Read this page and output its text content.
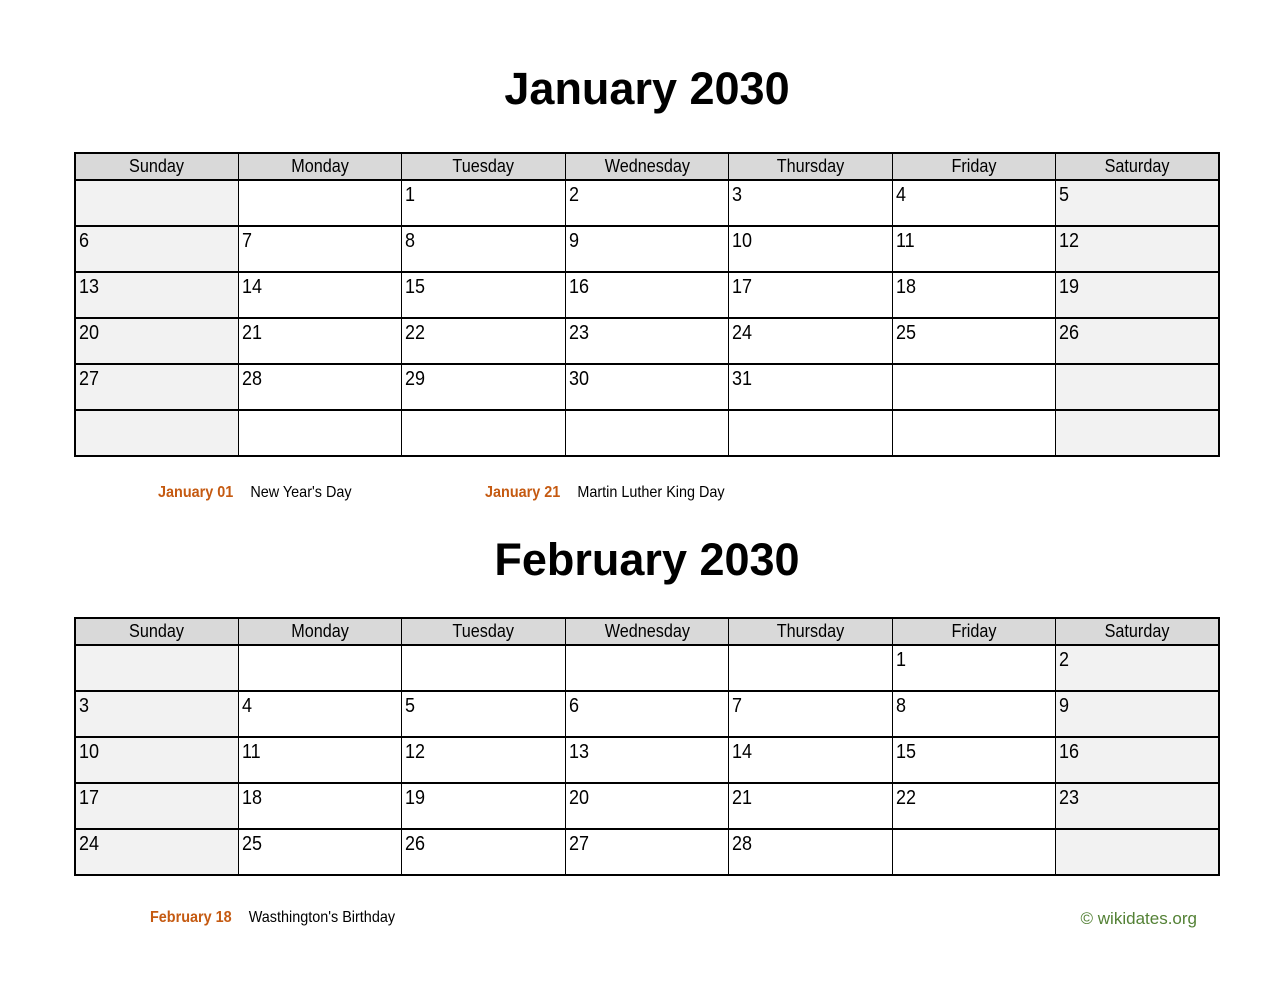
January 2030
Sunday	Monday	Tuesday	Wednesday	Thursday	Friday	Saturday
		1	2	3	4	5
6	7	8	9	10	11	12
13	14	15	16	17	18	19
20	21	22	23	24	25	26
27	28	29	30	31		

January 01 New Year's Day	January 21 Martin Luther King Day
February 2030
Sunday	Monday	Tuesday	Wednesday	Thursday	Friday	Saturday
					1	2
3	4	5	6	7	8	9
10	11	12	13	14	15	16
17	18	19	20	21	22	23
24	25	26	27	28		
© wikidates.org
February 18 Wasthington's Birthday
